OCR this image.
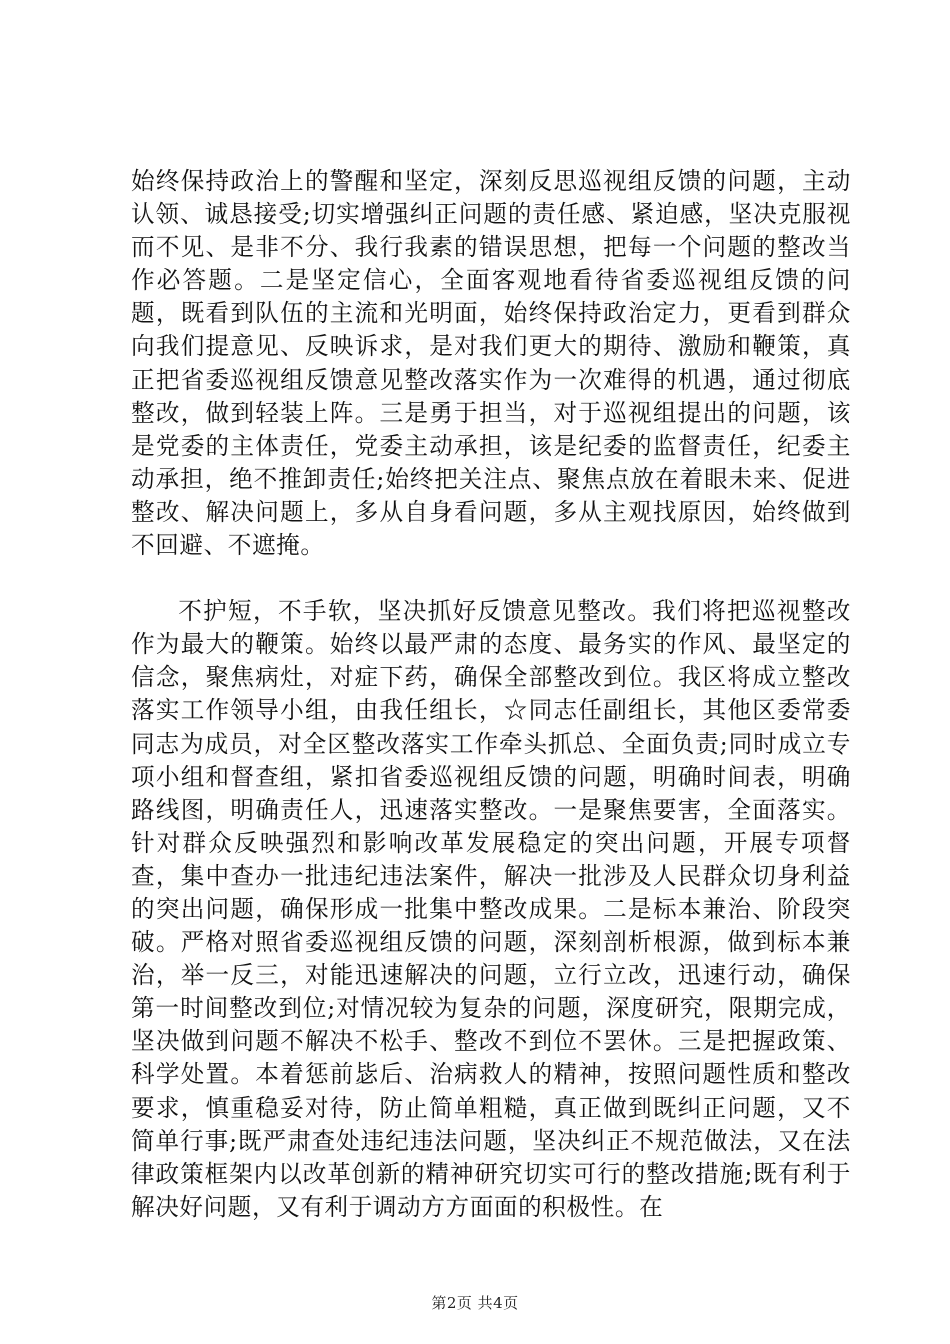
始终保持政治上的警醒和坚定，深刻反思巡视组反馈的问题，主动认领、诚恳接受;切实增强纠正问题的责任感、紧迫感，坚决克服视而不见、是非不分、我行我素的错误思想，把每一个问题的整改当作必答题。二是坚定信心，全面客观地看待省委巡视组反馈的问题，既看到队伍的主流和光明面，始终保持政治定力，更看到群众向我们提意见、反映诉求，是对我们更大的期待、激励和鞭策，真正把省委巡视组反馈意见整改落实作为一次难得的机遇，通过彻底整改，做到轻装上阵。三是勇于担当，对于巡视组提出的问题，该是党委的主体责任，党委主动承担，该是纪委的监督责任，纪委主动承担，绝不推卸责任;始终把关注点、聚焦点放在着眼未来、促进整改、解决问题上，多从自身看问题，多从主观找原因，始终做到不回避、不遮掩。

不护短，不手软，坚决抓好反馈意见整改。我们将把巡视整改作为最大的鞭策。始终以最严肃的态度、最务实的作风、最坚定的信念，聚焦病灶，对症下药，确保全部整改到位。我区将成立整改落实工作领导小组，由我任组长，☆同志任副组长，其他区委常委同志为成员，对全区整改落实工作牵头抓总、全面负责;同时成立专项小组和督查组，紧扣省委巡视组反馈的问题，明确时间表，明确路线图，明确责任人，迅速落实整改。一是聚焦要害，全面落实。针对群众反映强烈和影响改革发展稳定的突出问题，开展专项督查，集中查办一批违纪违法案件，解决一批涉及人民群众切身利益的突出问题，确保形成一批集中整改成果。二是标本兼治、阶段突破。严格对照省委巡视组反馈的问题，深刻剖析根源，做到标本兼治，举一反三，对能迅速解决的问题，立行立改，迅速行动，确保第一时间整改到位;对情况较为复杂的问题，深度研究，限期完成，坚决做到问题不解决不松手、整改不到位不罢休。三是把握政策、科学处置。本着惩前毖后、治病救人的精神，按照问题性质和整改要求，慎重稳妥对待，防止简单粗糙，真正做到既纠正问题，又不简单行事;既严肃查处违纪违法问题，坚决纠正不规范做法，又在法律政策框架内以改革创新的精神研究切实可行的整改措施;既有利于解决好问题，又有利于调动方方面面的积极性。在

第2页 共4页
